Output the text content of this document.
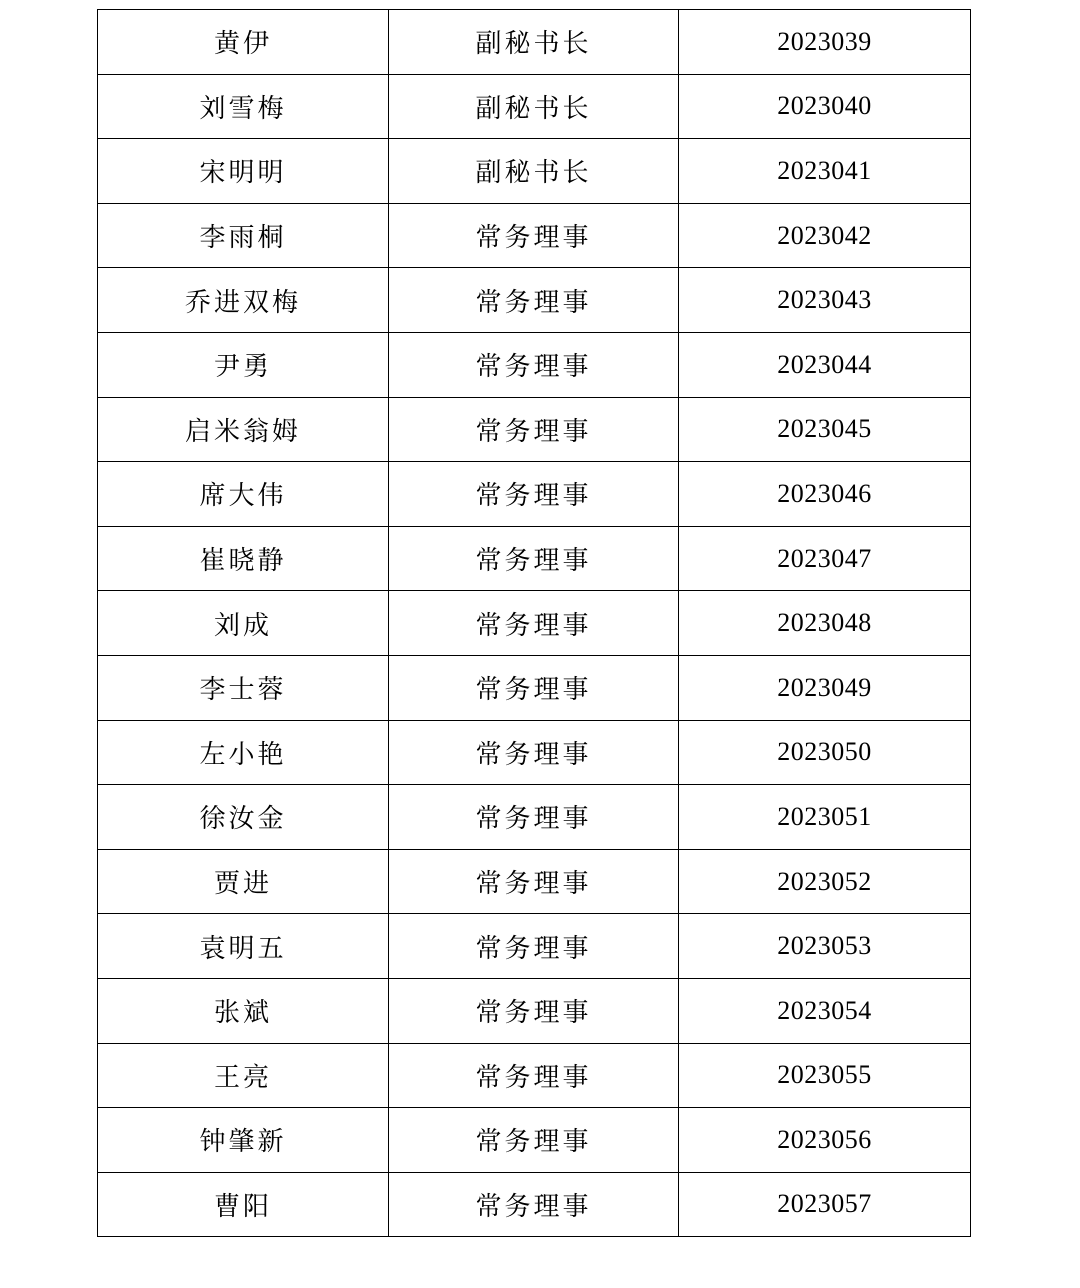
黄伊	副秘书长	2023039
刘雪梅	副秘书长	2023040
宋明明	副秘书长	2023041
李雨桐	常务理事	2023042
乔进双梅	常务理事	2023043
尹勇	常务理事	2023044
启米翁姆	常务理事	2023045
席大伟	常务理事	2023046
崔晓静	常务理事	2023047
刘成	常务理事	2023048
李士蓉	常务理事	2023049
左小艳	常务理事	2023050
徐汝金	常务理事	2023051
贾进	常务理事	2023052
袁明五	常务理事	2023053
张斌	常务理事	2023054
王亮	常务理事	2023055
钟肇新	常务理事	2023056
曹阳	常务理事	2023057
